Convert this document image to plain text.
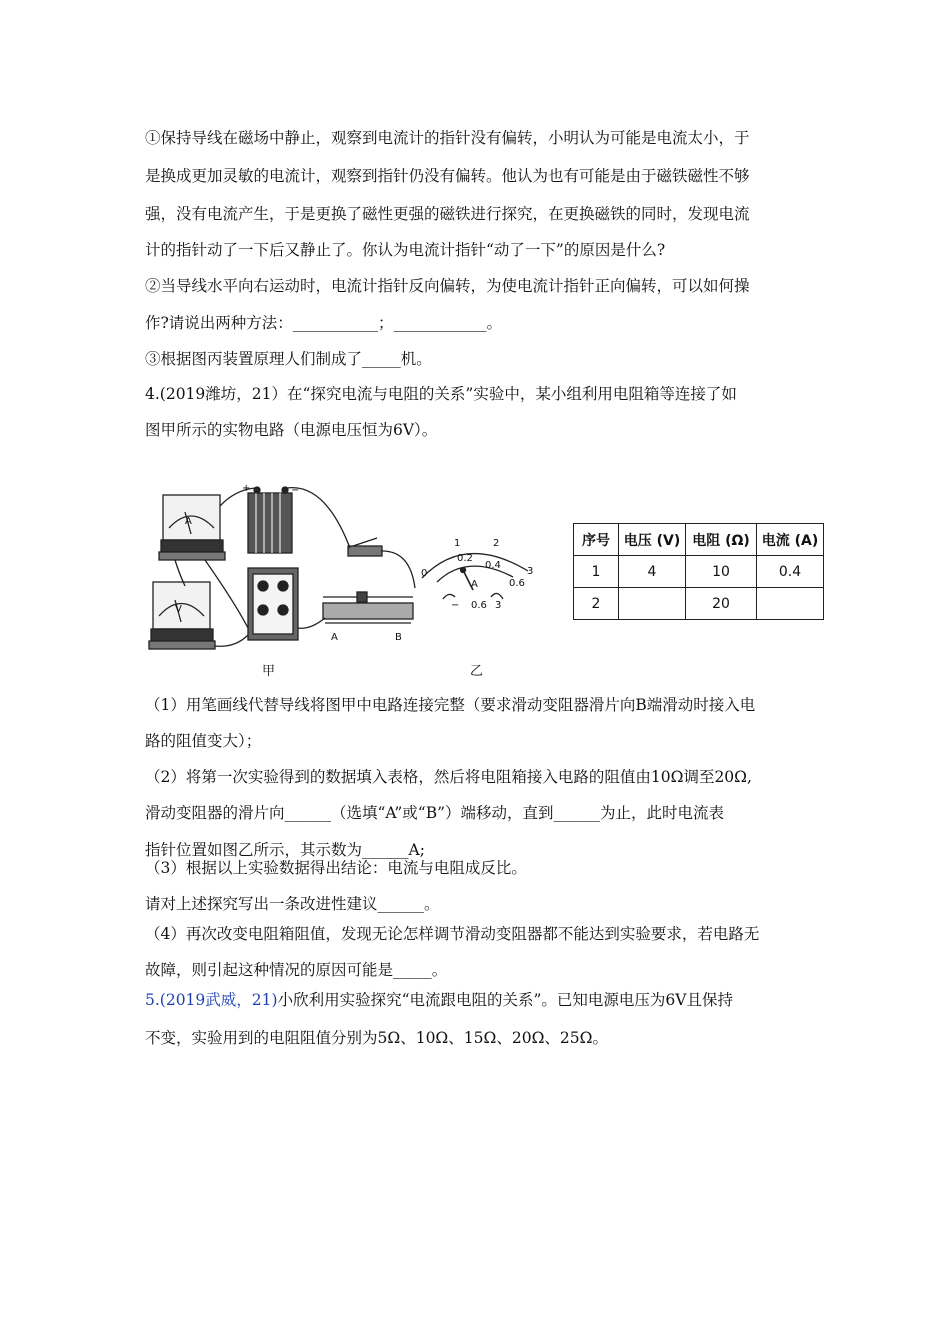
①保持导线在磁场中静止，观察到电流计的指针没有偏转，小明认为可能是电流太小，于
是换成更加灵敏的电流计，观察到指针仍没有偏转。他认为也有可能是由于磁铁磁性不够
强，没有电流产生，于是更换了磁性更强的磁铁进行探究，在更换磁铁的同时，发现电流
计的指针动了一下后又静止了。你认为电流计指针“动了一下”的原因是什么?
②当导线水平向右运动时，电流计指针反向偏转，为使电流计指针正向偏转，可以如何操
作?请说出两种方法：___________；____________。
③根据图丙装置原理人们制成了_____机。
4.(2019潍坊，21）在“探究电流与电阻的关系”实验中，某小组利用电阻箱等连接了如
图甲所示的实物电路（电源电压恒为6V）。
A
V
+	−
A	B
0
1	2
3
0.2
0.4
0.6
A
− 0.6 3
甲	乙
序号	电压 (V)	电阻 (Ω)	电流 (A)
1	4	10	0.4
2		20	
（1）用笔画线代替导线将图甲中电路连接完整（要求滑动变阻器滑片向B端滑动时接入电
路的阻值变大）；
（2）将第一次实验得到的数据填入表格，然后将电阻箱接入电路的阻值由10Ω调至20Ω,
滑动变阻器的滑片向______（选填“A”或“B”）端移动，直到______为止，此时电流表
指针位置如图乙所示，其示数为______A;
（3）根据以上实验数据得出结论：电流与电阻成反比。
请对上述探究写出一条改进性建议______。
（4）再次改变电阻箱阻值，发现无论怎样调节滑动变阻器都不能达到实验要求，若电路无
故障，则引起这种情况的原因可能是_____。
5.(2019武威，21)小欣利用实验探究“电流跟电阻的关系”。已知电源电压为6V且保持
不变，实验用到的电阻阻值分别为5Ω、10Ω、15Ω、20Ω、25Ω。
